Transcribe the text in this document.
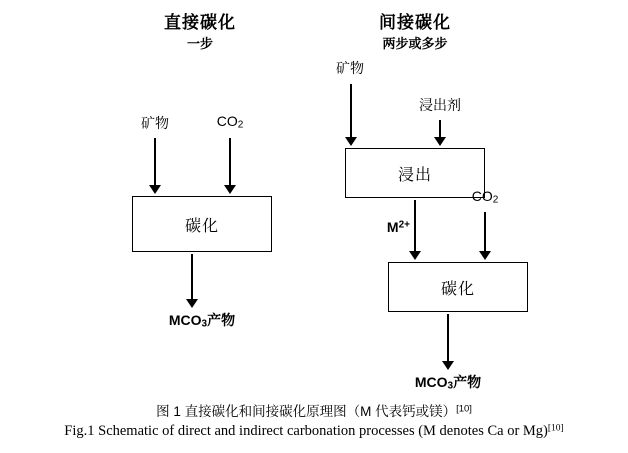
直接碳化
一步
矿物	CO2
碳化
MCO3产物
间接碳化
两步或多步
矿物
浸出剂
浸出
$M^{2+}$
CO2
碳化
MCO3产物
图 1 直接碳化和间接碳化原理图（M 代表钙或镁）[10]
Fig.1 Schematic of direct and indirect carbonation processes (M denotes Ca or Mg)[10]
